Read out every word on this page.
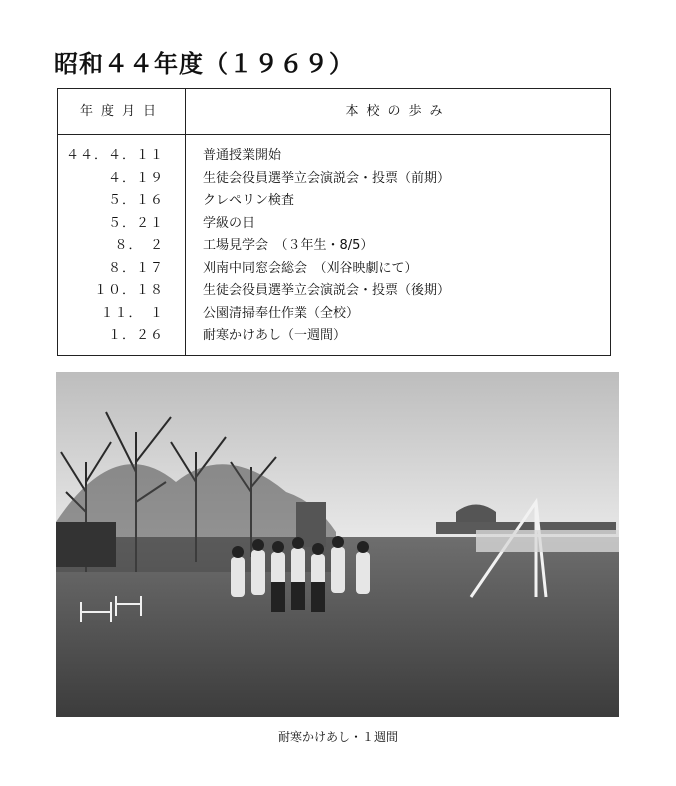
昭和４４年度（１９６９）
年度月日	本校の歩み
４４．４．１１	普通授業開始
４．１９	生徒会役員選挙立会演説会・投票（前期）
５．１６	クレペリン検査
５．２１	学級の日
８．　２	工場見学会　（３年生・8/5）
８．１７	刈南中同窓会総会　（刈谷映劇にて）
１０．１８	生徒会役員選挙立会演説会・投票（後期）
１１．　１	公園清掃奉仕作業（全校）
１．２６	耐寒かけあし（一週間）
耐寒かけあし・１週間
